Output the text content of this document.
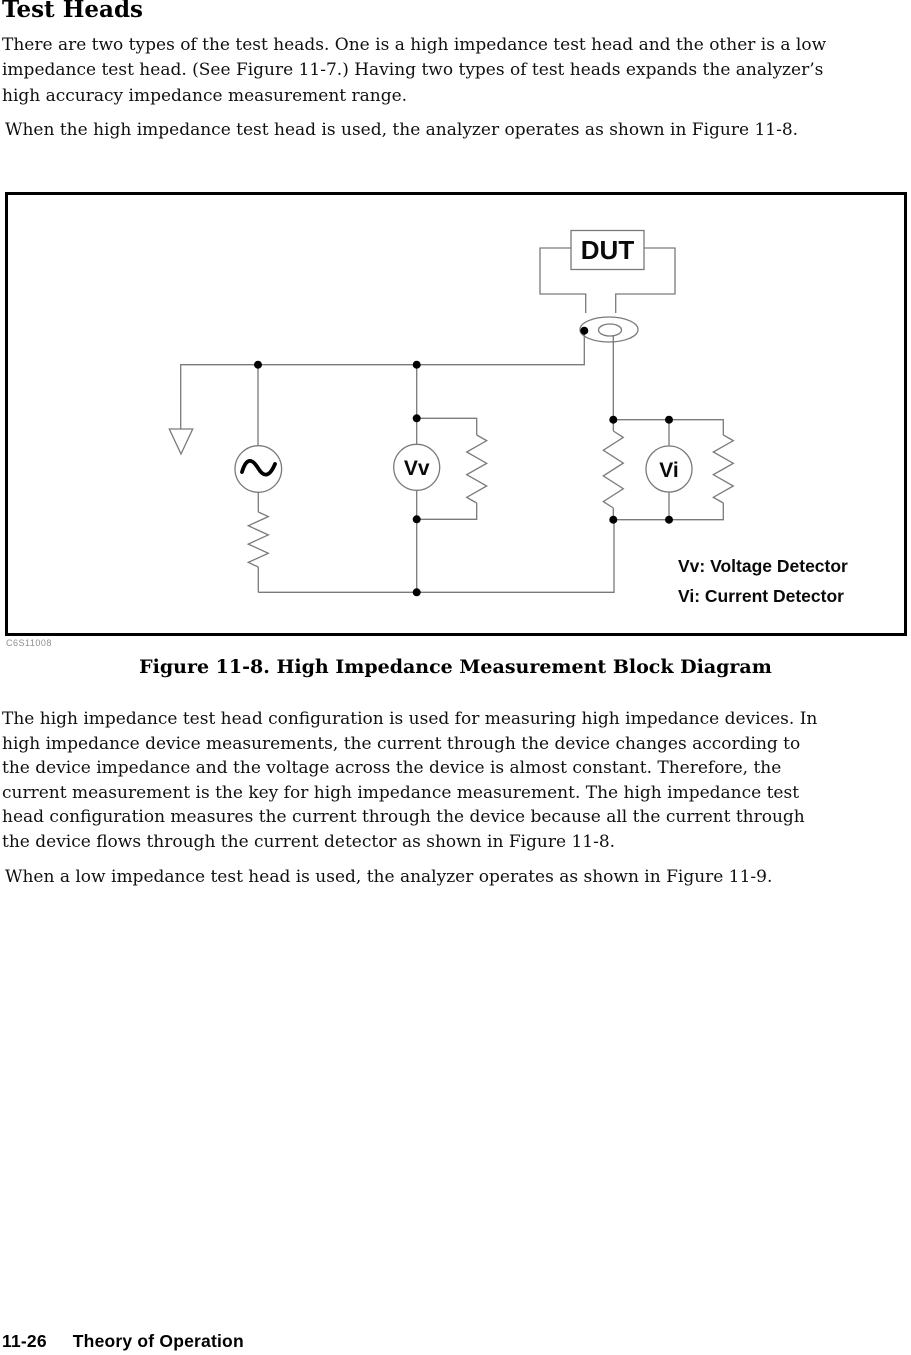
Test Heads
There are two types of the test heads. One is a high impedance test head and the other is a low
impedance test head. (See Figure 11-7.) Having two types of test heads expands the analyzer’s
high accuracy impedance measurement range.
When the high impedance test head is used, the analyzer operates as shown in Figure 11-8.
DUT
Vv	Vi
Vv: Voltage Detector
Vi: Current Detector
C6S11008
Figure 11-8. High Impedance Measurement Block Diagram
The high impedance test head configuration is used for measuring high impedance devices. In
high impedance device measurements, the current through the device changes according to
the device impedance and the voltage across the device is almost constant. Therefore, the
current measurement is the key for high impedance measurement. The high impedance test
head configuration measures the current through the device because all the current through
the device flows through the current detector as shown in Figure 11-8.
When a low impedance test head is used, the analyzer operates as shown in Figure 11-9.
11-26 Theory of Operation
